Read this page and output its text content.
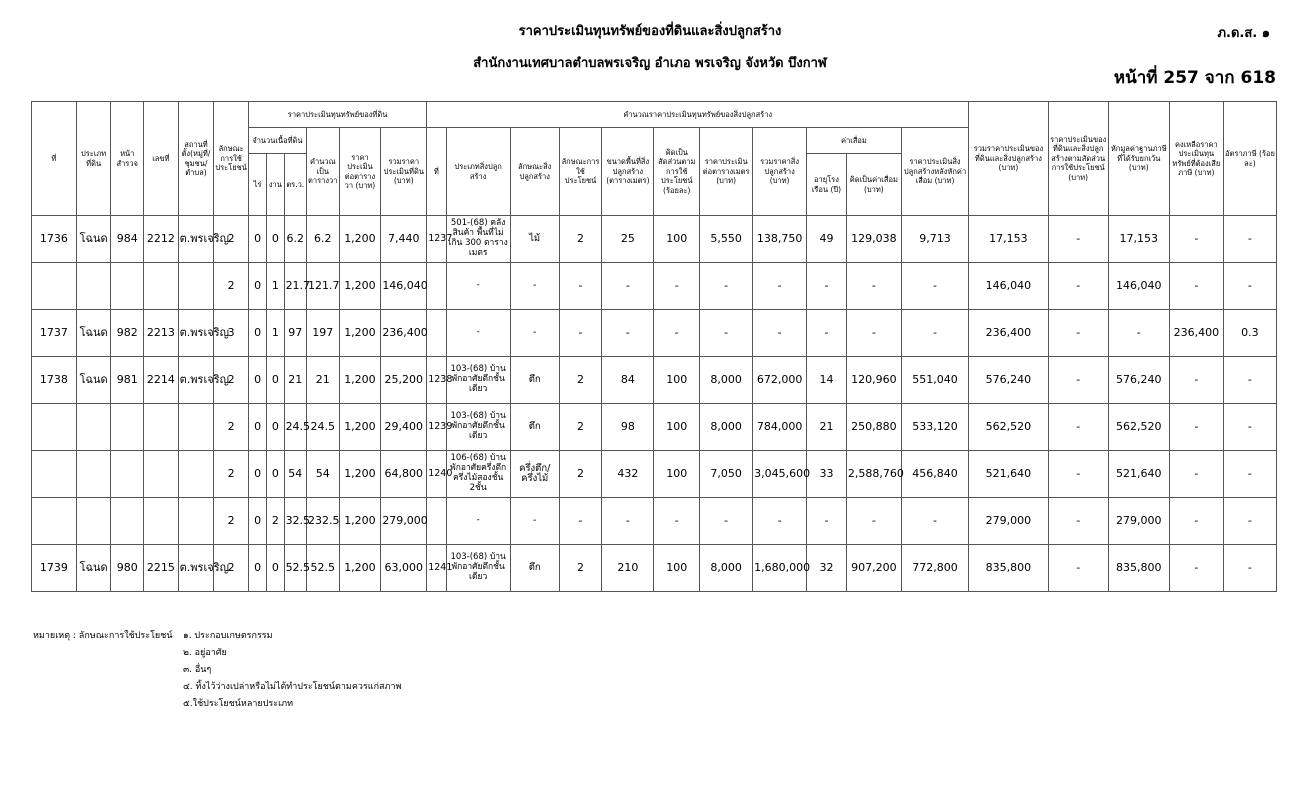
ราคาประเมินทุนทรัพย์ของที่ดินและสิ่งปลูกสร้าง	ภ.ด.ส. ๑
สำนักงานเทศบาลตำบลพรเจริญ อำเภอ พรเจริญ จังหวัด บึงกาฬ
หน้าที่ 257 จาก 618
ที่	ประเภทที่ดิน	หน้าสำรวจ	เลขที่	สถานที่ตั้ง(หมู่ที่/ชุมชน/ตำบล)	ลักษณะการใช้ประโยชน์	ราคาประเมินทุนทรัพย์ของที่ดิน						คำนวณราคาประเมินทุนทรัพย์ของสิ่งปลูกสร้าง											รวมราคาประเมินของที่ดินและสิ่งปลูกสร้าง (บาท)	ราคาประเมินของที่ดินและสิ่งปลูกสร้างตามสัดส่วนการใช้ประโยชน์ (บาท)	หักมูลค่าฐานภาษีที่ได้รับยกเว้น (บาท)	คงเหลือราคาประเมินทุนทรัพย์ที่ต้องเสียภาษี (บาท)	อัตราภาษี (ร้อยละ)
						จำนวนเนื้อที่ดิน			คำนวณเป็นตารางวา	ราคาประเมินต่อตารางวา (บาท)	รวมราคาประเมินที่ดิน (บาท)	ที่	ประเภทสิ่งปลูกสร้าง	ลักษณะสิ่งปลูกสร้าง	ลักษณะการใช้ประโยชน์	ขนาดพื้นที่สิ่งปลูกสร้าง (ตารางเมตร)	คิดเป็นสัดส่วนตามการใช้ประโยชน์ (ร้อยละ)	ราคาประเมินต่อตารางเมตร (บาท)	รวมราคาสิ่งปลูกสร้าง (บาท)	ค่าเสื่อม		ราคาประเมินสิ่งปลูกสร้างหลังหักค่าเสื่อม (บาท)					
						ไร่	งาน	ตร.ว.												อายุโรงเรือน (ปี)	คิดเป็นค่าเสื่อม (บาท)						
1736	โฉนด	984	2212	ต.พรเจริญ	2	0	0	6.2	6.2	1,200	7,440	1237	501-(68) คลังสินค้า พื้นที่ไม่เกิน 300 ตารางเมตร	ไม้	2	25	100	5,550	138,750	49	129,038	9,713	17,153	-	17,153	-	-
					2	0	1	21.7	121.7	1,200	146,040		-	-	-	-	-	-	-	-	-	-	146,040	-	146,040	-	-
1737	โฉนด	982	2213	ต.พรเจริญ	3	0	1	97	197	1,200	236,400		-	-	-	-	-	-	-	-	-	-	236,400	-	-	236,400	0.3
1738	โฉนด	981	2214	ต.พรเจริญ	2	0	0	21	21	1,200	25,200	1238	103-(68) บ้านพักอาศัยตึกชั้นเดียว	ตึก	2	84	100	8,000	672,000	14	120,960	551,040	576,240	-	576,240	-	-
					2	0	0	24.5	24.5	1,200	29,400	1239	103-(68) บ้านพักอาศัยตึกชั้นเดียว	ตึก	2	98	100	8,000	784,000	21	250,880	533,120	562,520	-	562,520	-	-
					2	0	0	54	54	1,200	64,800	1240	106-(68) บ้านพักอาศัยครึ่งตึกครึ่งไม้สองชั้น 2ชั้น	ครึ่งตึก/ครึ่งไม้	2	432	100	7,050	3,045,600	33	2,588,760	456,840	521,640	-	521,640	-	-
					2	0	2	32.5	232.5	1,200	279,000		-	-	-	-	-	-	-	-	-	-	279,000	-	279,000	-	-
1739	โฉนด	980	2215	ต.พรเจริญ	2	0	0	52.5	52.5	1,200	63,000	1241	103-(68) บ้านพักอาศัยตึกชั้นเดียว	ตึก	2	210	100	8,000	1,680,000	32	907,200	772,800	835,800	-	835,800	-	-
หมายเหตุ : ลักษณะการใช้ประโยชน์ ๑. ประกอบเกษตรกรรม
๒. อยู่อาศัย
๓. อื่นๆ
๔. ทิ้งไว้ว่างเปล่าหรือไม่ได้ทำประโยชน์ตามควรแก่สภาพ
๕.ใช้ประโยชน์หลายประเภท
